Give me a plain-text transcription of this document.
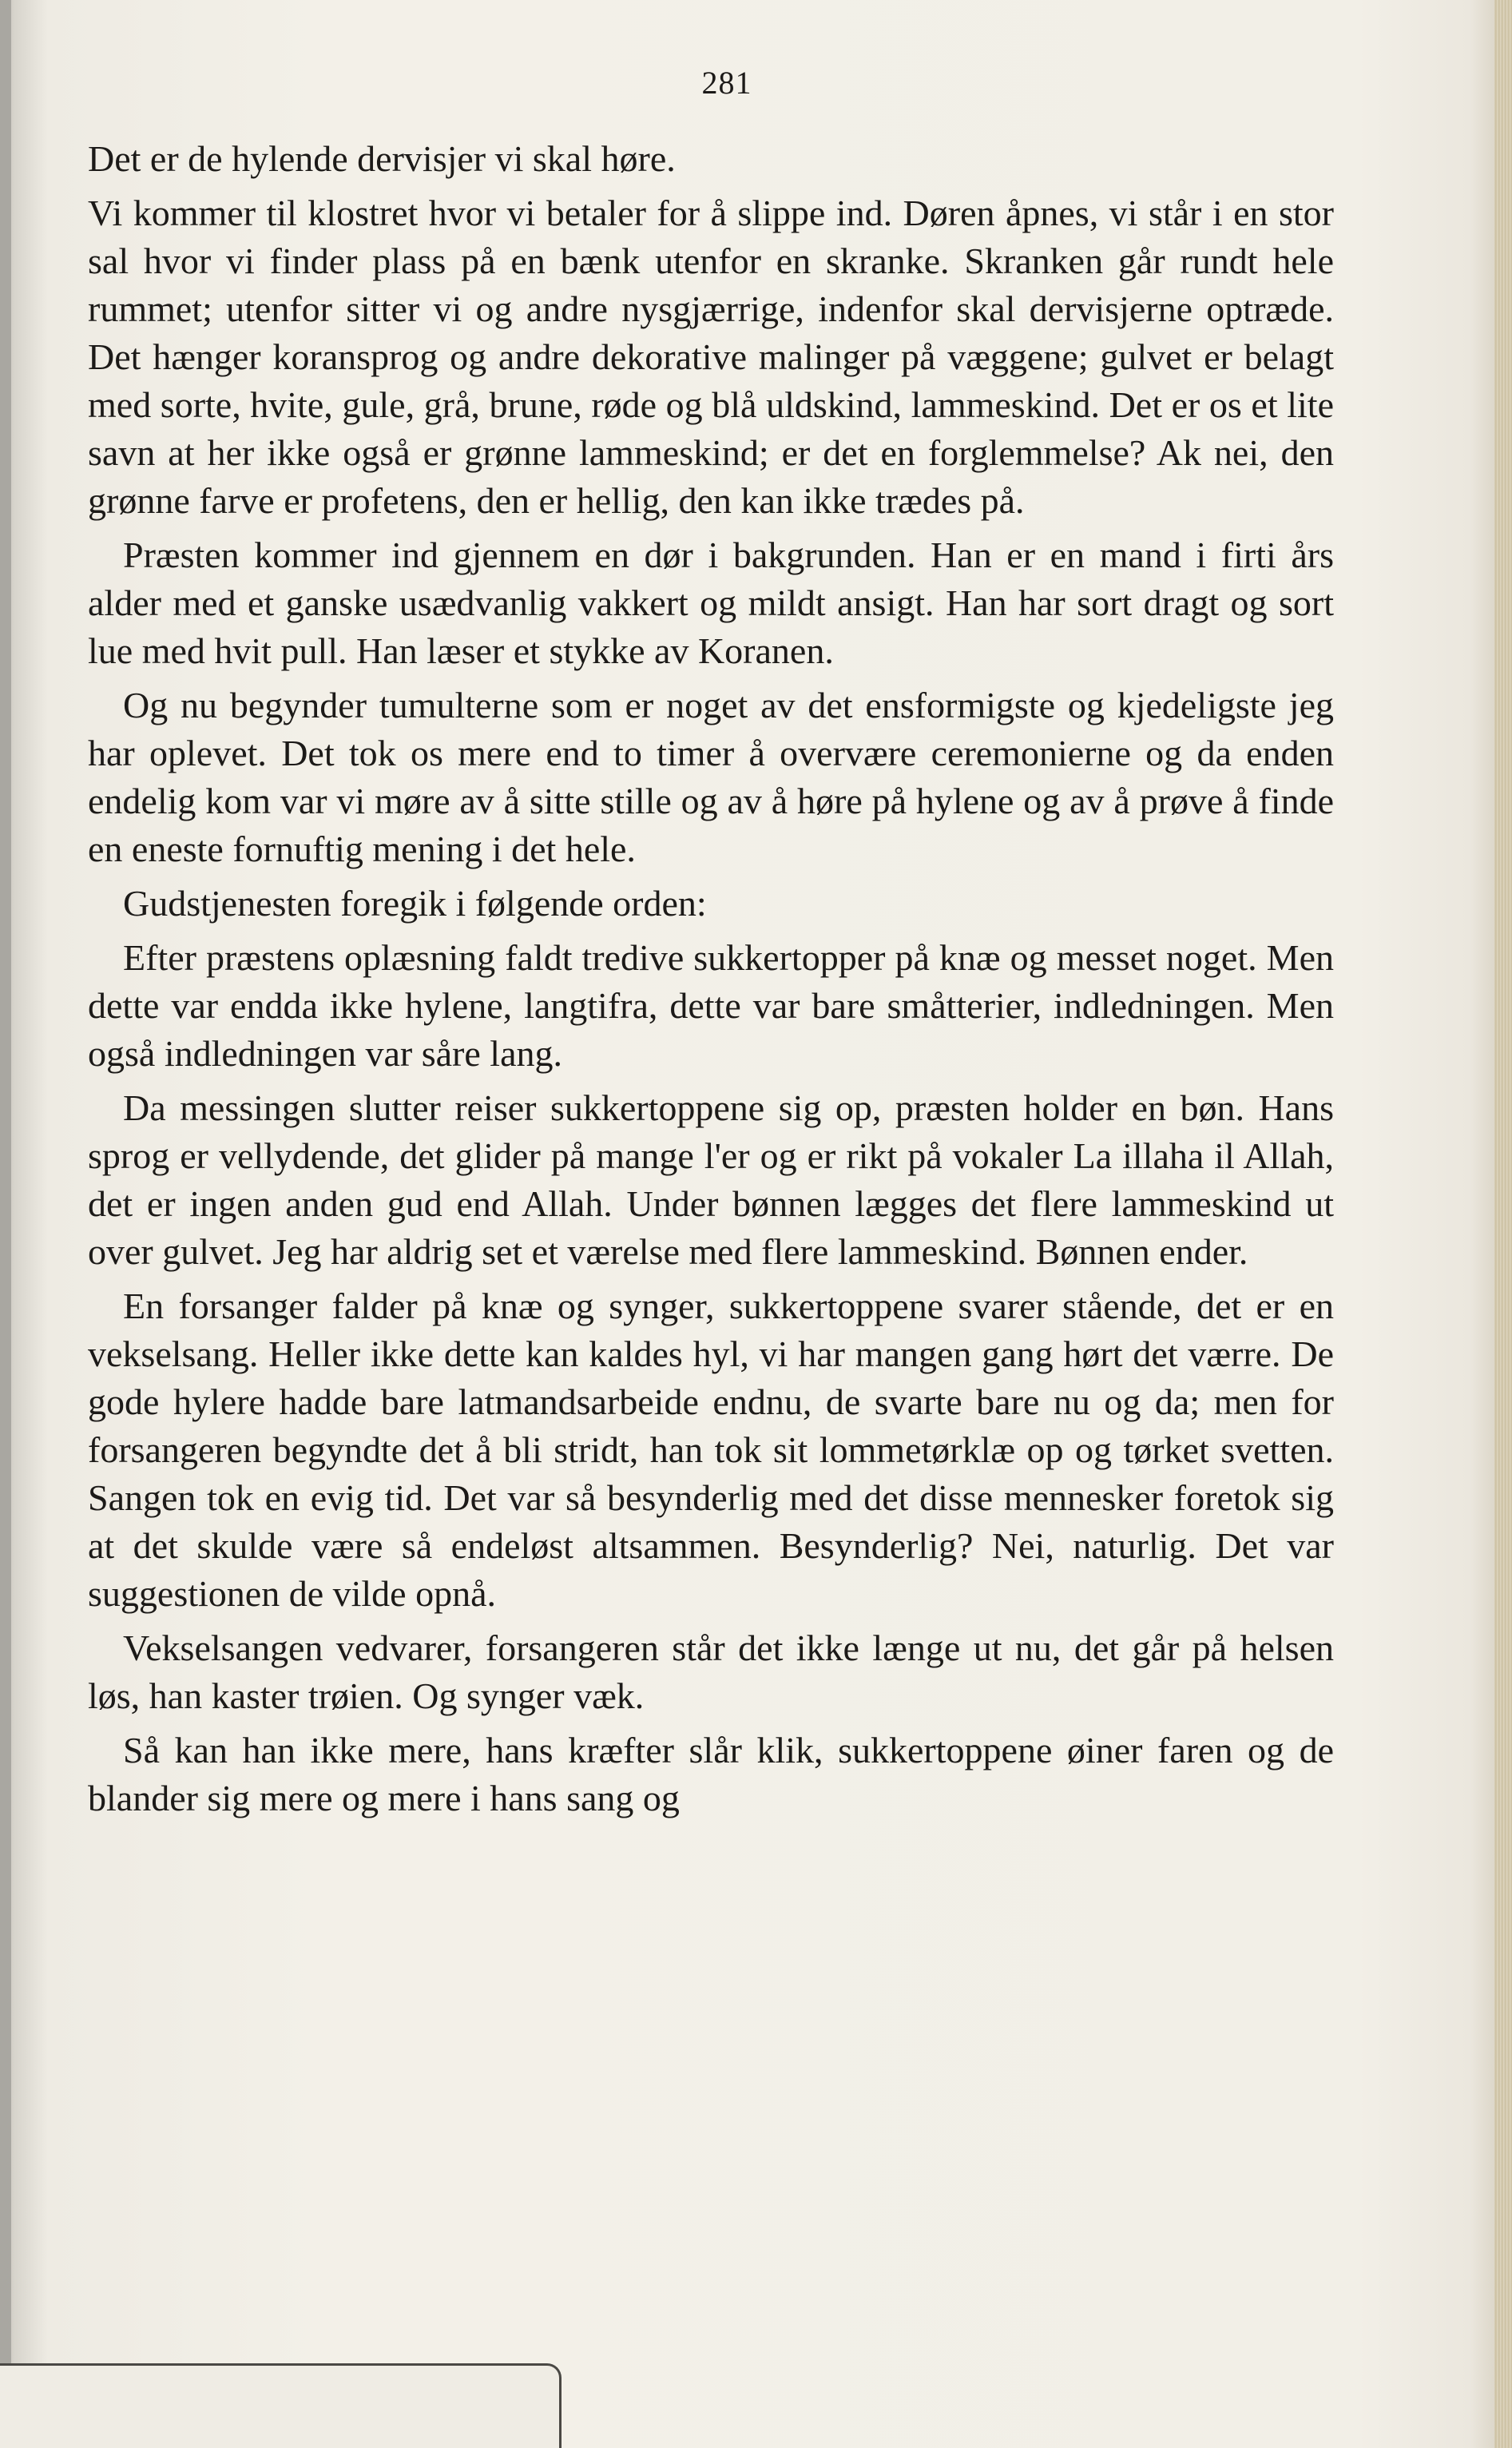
281

Det er de hylende dervisjer vi skal høre.

Vi kommer til klostret hvor vi betaler for å slippe ind. Døren åpnes, vi står i en stor sal hvor vi finder plass på en bænk utenfor en skranke. Skranken går rundt hele rummet; utenfor sitter vi og andre nysgjærrige, indenfor skal dervisjerne optræde. Det hænger koransprog og andre dekorative malinger på væggene; gulvet er belagt med sorte, hvite, gule, grå, brune, røde og blå uldskind, lammeskind. Det er os et lite savn at her ikke også er grønne lammeskind; er det en forglemmelse? Ak nei, den grønne farve er profetens, den er hellig, den kan ikke trædes på.

Præsten kommer ind gjennem en dør i bakgrunden. Han er en mand i firti års alder med et ganske usædvanlig vakkert og mildt ansigt. Han har sort dragt og sort lue med hvit pull. Han læser et stykke av Koranen.

Og nu begynder tumulterne som er noget av det ensformigste og kjedeligste jeg har oplevet. Det tok os mere end to timer å overvære ceremonierne og da enden endelig kom var vi møre av å sitte stille og av å høre på hylene og av å prøve å finde en eneste fornuftig mening i det hele.

Gudstjenesten foregik i følgende orden:

Efter præstens oplæsning faldt tredive sukkertopper på knæ og messet noget. Men dette var endda ikke hylene, langtifra, dette var bare småtterier, indledningen. Men også indledningen var såre lang.

Da messingen slutter reiser sukkertoppene sig op, præsten holder en bøn. Hans sprog er vellydende, det glider på mange l'er og er rikt på vokaler La illaha il Allah, det er ingen anden gud end Allah. Under bønnen lægges det flere lammeskind ut over gulvet. Jeg har aldrig set et værelse med flere lammeskind. Bønnen ender.

En forsanger falder på knæ og synger, sukkertoppene svarer stående, det er en vekselsang. Heller ikke dette kan kaldes hyl, vi har mangen gang hørt det værre. De gode hylere hadde bare latmandsarbeide endnu, de svarte bare nu og da; men for forsangeren begyndte det å bli stridt, han tok sit lommetørklæ op og tørket svetten. Sangen tok en evig tid. Det var så besynderlig med det disse mennesker foretok sig at det skulde være så endeløst altsammen. Besynderlig? Nei, naturlig. Det var suggestionen de vilde opnå.

Vekselsangen vedvarer, forsangeren står det ikke længe ut nu, det går på helsen løs, han kaster trøien. Og synger væk.

Så kan han ikke mere, hans kræfter slår klik, sukkertoppene øiner faren og de blander sig mere og mere i hans sang og
